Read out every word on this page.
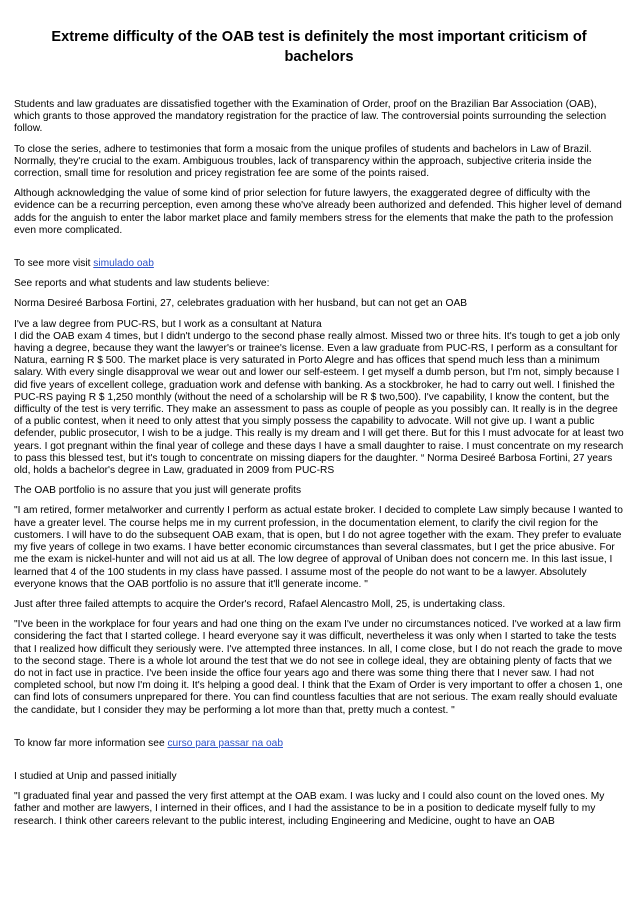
Extreme difficulty of the OAB test is definitely the most important criticism of bachelors

Students and law graduates are dissatisfied together with the Examination of Order, proof on the Brazilian Bar Association (OAB), which grants to those approved the mandatory registration for the practice of law. The controversial points surrounding the selection follow.

To close the series, adhere to testimonies that form a mosaic from the unique profiles of students and bachelors in Law of Brazil. Normally, they're crucial to the exam. Ambiguous troubles, lack of transparency within the approach, subjective criteria inside the correction, small time for resolution and pricey registration fee are some of the points raised.

Although acknowledging the value of some kind of prior selection for future lawyers, the exaggerated degree of difficulty with the evidence can be a recurring perception, even among these who've already been authorized and defended. This higher level of demand adds for the anguish to enter the labor market place and family members stress for the elements that make the path to the profession even more complicated.

To see more visit simulado oab

See reports and what students and law students believe:

Norma Desireé Barbosa Fortini, 27, celebrates graduation with her husband, but can not get an OAB

I've a law degree from PUC-RS, but I work as a consultant at Natura
I did the OAB exam 4 times, but I didn't undergo to the second phase really almost. Missed two or three hits. It's tough to get a job only having a degree, because they want the lawyer's or trainee's license. Even a law graduate from PUC-RS, I perform as a consultant for Natura, earning R $ 500. The market place is very saturated in Porto Alegre and has offices that spend much less than a minimum salary. With every single disapproval we wear out and lower our self-esteem. I get myself a dumb person, but I'm not, simply because I did five years of excellent college, graduation work and defense with banking. As a stockbroker, he had to carry out well. I finished the PUC-RS paying R $ 1,250 monthly (without the need of a scholarship will be R $ two,500). I've capability, I know the content, but the difficulty of the test is very terrific. They make an assessment to pass as couple of people as you possibly can. It really is in the degree of a public contest, when it need to only attest that you simply possess the capability to advocate. Will not give up. I want a public defender, public prosecutor, I wish to be a judge. This really is my dream and I will get there. But for this I must advocate for at least two years. I got pregnant within the final year of college and these days I have a small daughter to raise. I must concentrate on my research to pass this blessed test, but it's tough to concentrate on missing diapers for the daughter. “ Norma Desireé Barbosa Fortini, 27 years old, holds a bachelor's degree in Law, graduated in 2009 from PUC-RS

The OAB portfolio is no assure that you just will generate profits

"I am retired, former metalworker and currently I perform as actual estate broker. I decided to complete Law simply because I wanted to have a greater level. The course helps me in my current profession, in the documentation element, to clarify the civil region for the customers. I will have to do the subsequent OAB exam, that is open, but I do not agree together with the exam. They prefer to evaluate my five years of college in two exams. I have better economic circumstances than several classmates, but I get the price abusive. For me the exam is nickel-hunter and will not aid us at all. The low degree of approval of Uniban does not concern me. In this last issue, I learned that 4 of the 100 students in my class have passed. I assume most of the people do not want to be a lawyer. Absolutely everyone knows that the OAB portfolio is no assure that it'll generate income. "

Just after three failed attempts to acquire the Order's record, Rafael Alencastro Moll, 25, is undertaking class.

"I've been in the workplace for four years and had one thing on the exam I've under no circumstances noticed. I've worked at a law firm considering the fact that I started college. I heard everyone say it was difficult, nevertheless it was only when I started to take the tests that I realized how difficult they seriously were. I've attempted three instances. In all, I come close, but I do not reach the grade to move to the second stage. There is a whole lot around the test that we do not see in college ideal, they are obtaining plenty of facts that we do not in fact use in practice. I've been inside the office four years ago and there was some thing there that I never saw. I had not completed school, but now I'm doing it. It's helping a good deal. I think that the Exam of Order is very important to offer a chosen 1, one can find lots of consumers unprepared for there. You can find countless faculties that are not serious. The exam really should evaluate the candidate, but I consider they may be performing a lot more than that, pretty much a contest. "

To know far more information see curso para passar na oab

I studied at Unip and passed initially

"I graduated final year and passed the very first attempt at the OAB exam. I was lucky and I could also count on the loved ones. My father and mother are lawyers, I interned in their offices, and I had the assistance to be in a position to dedicate myself fully to my research. I think other careers relevant to the public interest, including Engineering and Medicine, ought to have an OAB
